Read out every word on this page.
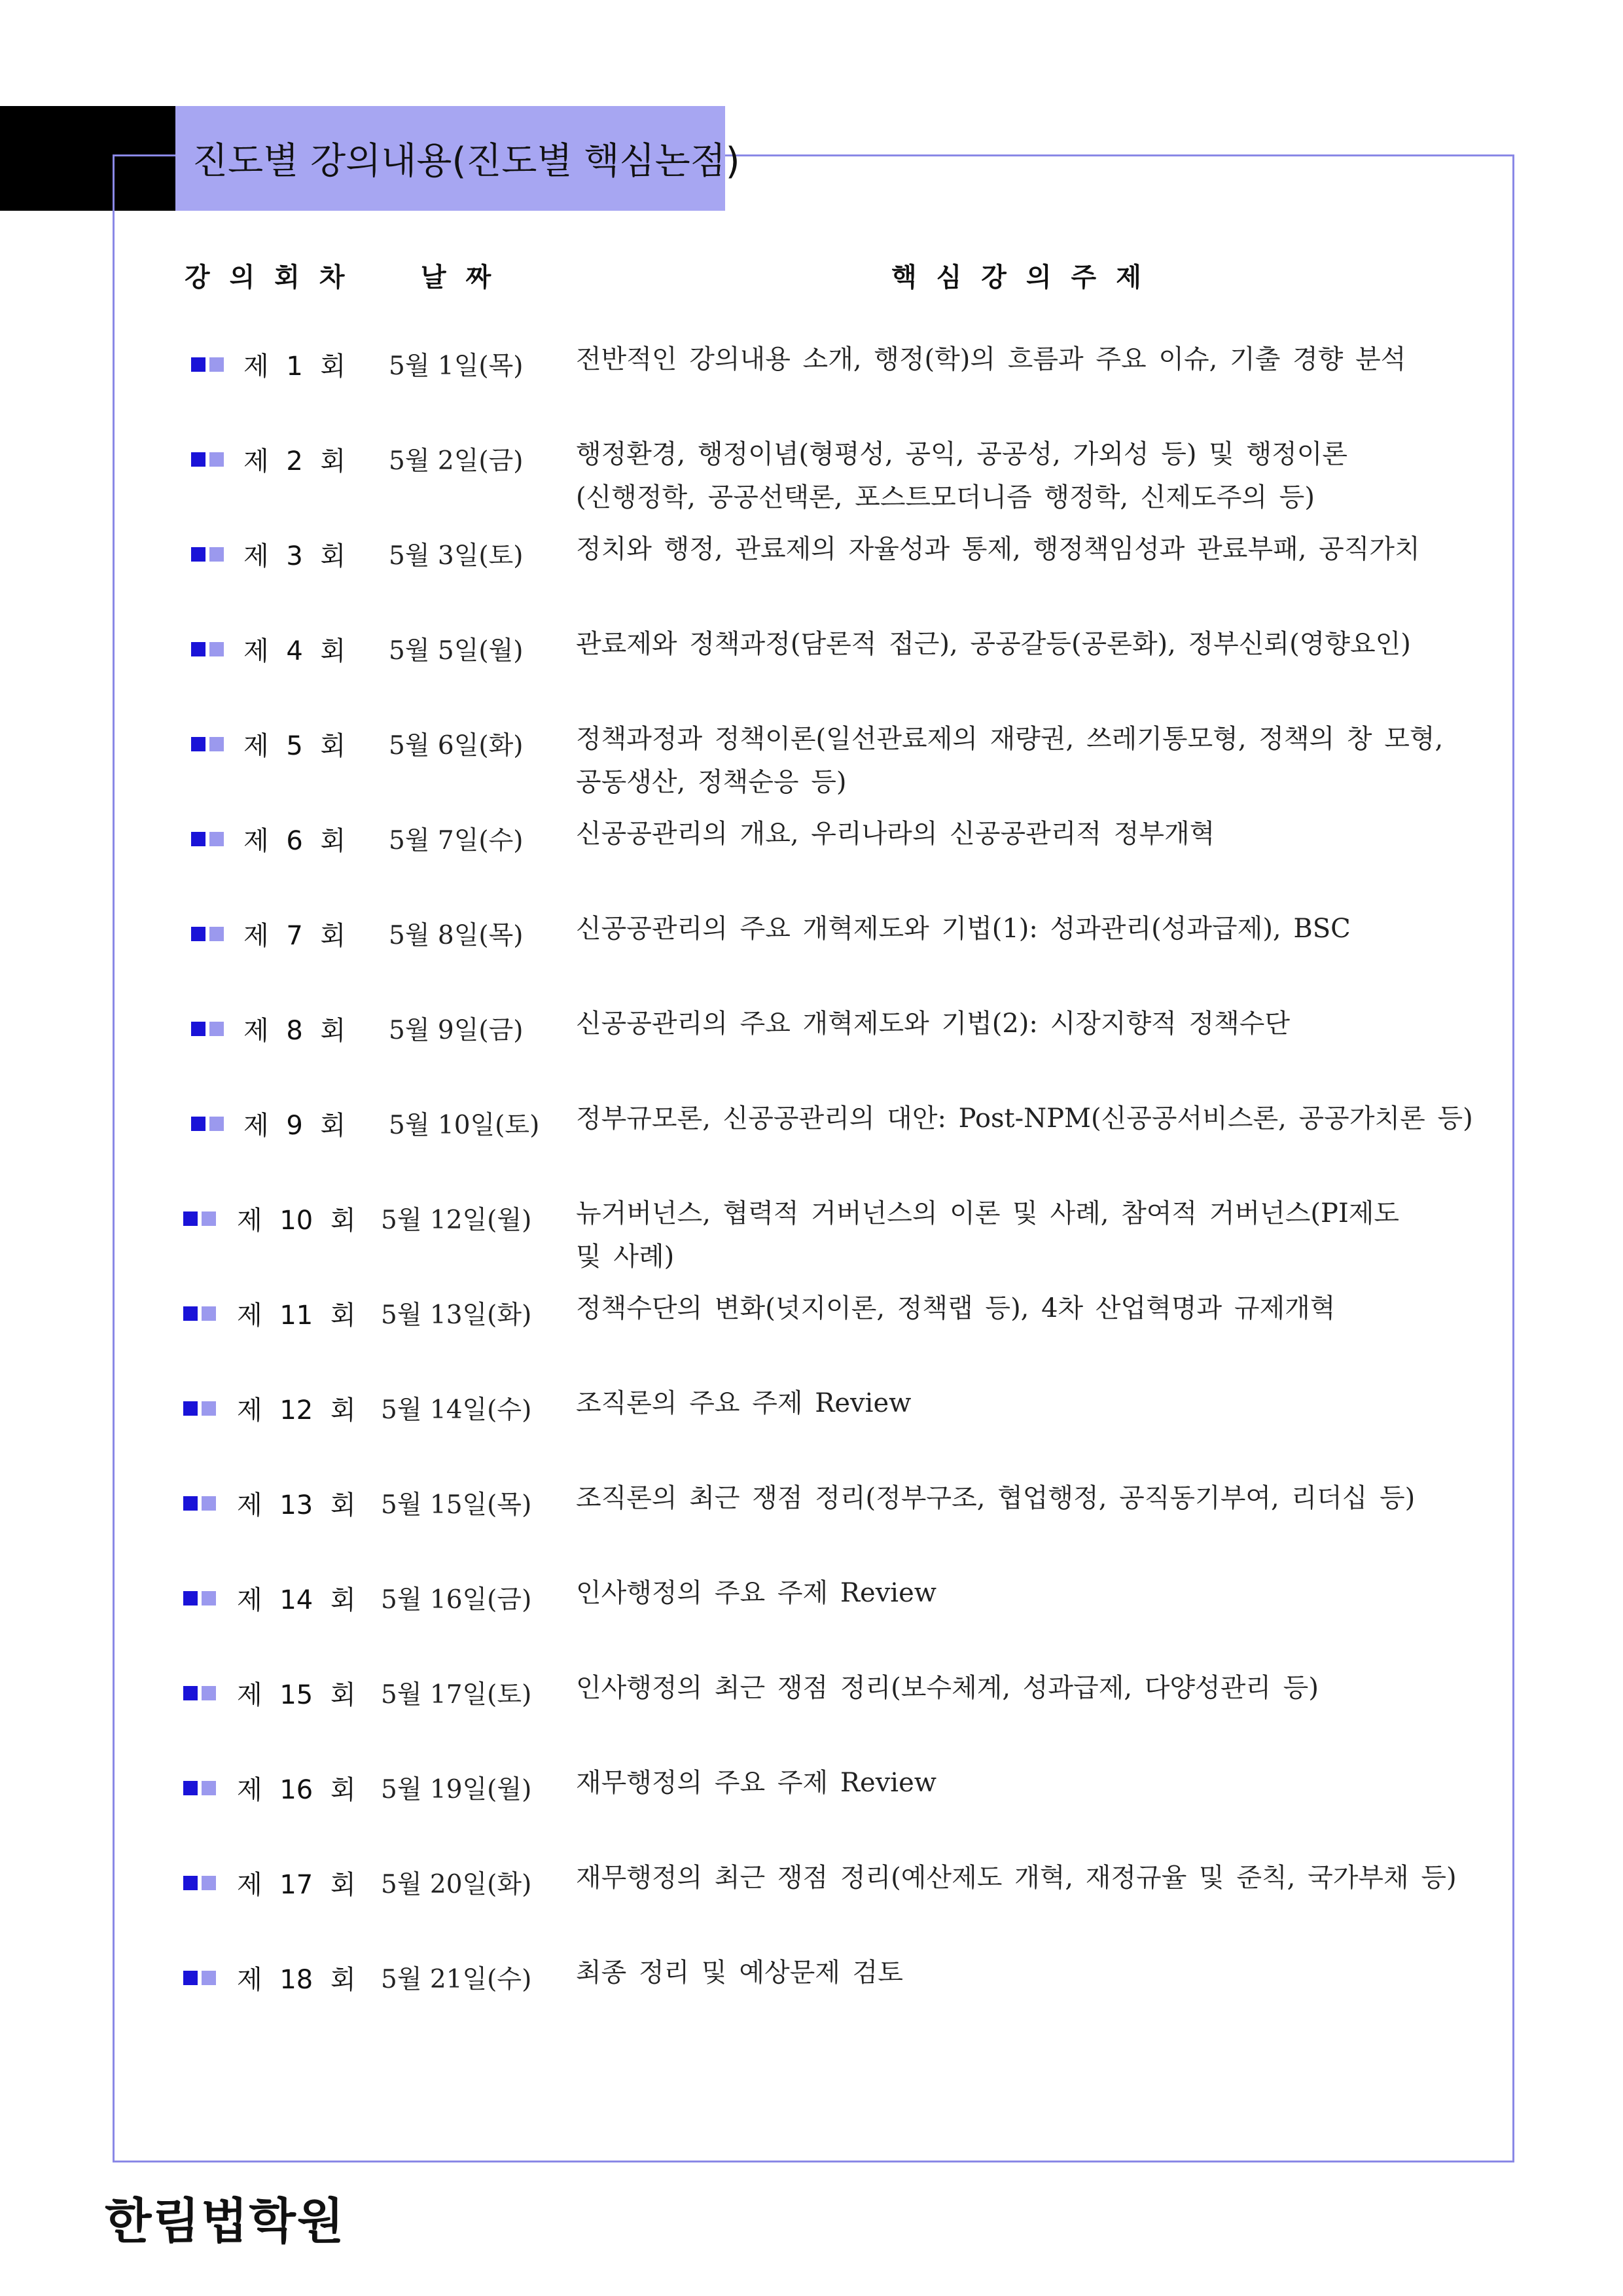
진도별 강의내용(진도별 핵심논점)
강의회차 날짜	핵심강의주제
제 1 회 5월 1일(목) 전반적인 강의내용 소개, 행정(학)의 흐름과 주요 이슈, 기출 경향 분석
제 2 회 5월 2일(금) 행정환경, 행정이념(형평성, 공익, 공공성, 가외성 등) 및 행정이론
(신행정학, 공공선택론, 포스트모더니즘 행정학, 신제도주의 등)
제 3 회 5월 3일(토) 정치와 행정, 관료제의 자율성과 통제, 행정책임성과 관료부패, 공직가치
제 4 회 5월 5일(월) 관료제와 정책과정(담론적 접근), 공공갈등(공론화), 정부신뢰(영향요인)
제 5 회 5월 6일(화) 정책과정과 정책이론(일선관료제의 재량권, 쓰레기통모형, 정책의 창 모형,
공동생산, 정책순응 등)
제 6 회 5월 7일(수) 신공공관리의 개요, 우리나라의 신공공관리적 정부개혁
제 7 회 5월 8일(목) 신공공관리의 주요 개혁제도와 기법(1): 성과관리(성과급제), BSC
제 8 회 5월 9일(금) 신공공관리의 주요 개혁제도와 기법(2): 시장지향적 정책수단
제 9 회 5월 10일(토) 정부규모론, 신공공관리의 대안: Post-NPM(신공공서비스론, 공공가치론 등)
제 10 회 5월 12일(월) 뉴거버넌스, 협력적 거버넌스의 이론 및 사례, 참여적 거버넌스(PI제도
및 사례)
제 11 회 5월 13일(화) 정책수단의 변화(넛지이론, 정책랩 등), 4차 산업혁명과 규제개혁
제 12 회 5월 14일(수) 조직론의 주요 주제 Review
제 13 회 5월 15일(목) 조직론의 최근 쟁점 정리(정부구조, 협업행정, 공직동기부여, 리더십 등)
제 14 회 5월 16일(금) 인사행정의 주요 주제 Review
제 15 회 5월 17일(토) 인사행정의 최근 쟁점 정리(보수체계, 성과급제, 다양성관리 등)
제 16 회 5월 19일(월) 재무행정의 주요 주제 Review
제 17 회 5월 20일(화) 재무행정의 최근 쟁점 정리(예산제도 개혁, 재정규율 및 준칙, 국가부채 등)
제 18 회 5월 21일(수) 최종 정리 및 예상문제 검토
한림법학원
